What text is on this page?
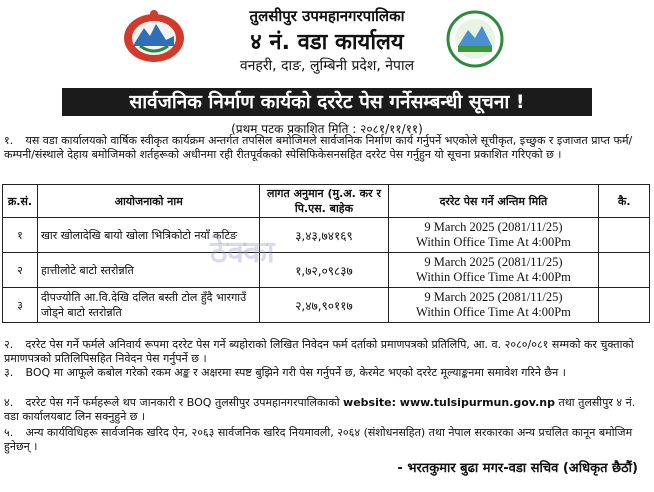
तुलसीपुर उपमहानगरपालिका
४ नं. वडा कार्यालय
वनहरी, दाङ, लुम्बिनी प्रदेश, नेपाल
सार्वजनिक निर्माण कार्यको दररेट पेस गर्नेसम्बन्धी सूचना !
(प्रथम पटक प्रकाशित मिति : २०८१/११/११)
१. यस वडा कार्यालयको वार्षिक स्वीकृत कार्यक्रम अन्तर्गत तपसिल बमोजिमले सार्वजनिक निर्माण कार्य गर्नुपर्ने भएकोले सूचीकृत, इच्छुक र इजाजत प्राप्त फर्म/कम्पनी/संस्थाले देहाय बमोजिमको शर्तहरूको अधीनमा रही रीतपूर्वकको स्पेसिफिकेसनसहित दररेट पेस गर्नुहुन यो सूचना प्रकाशित गरिएको छ ।
क्र.सं.	आयोजनाको नाम	लागत अनुमान (मु.अ. कर र पि.एस. बाहेक	दररेट पेस गर्ने अन्तिम मिति	कै.
१	खार खोलादेखि बायो खोला भित्रिकोटो नयाँ कटिङ	३,४३,७४१६९	9 March 2025 (2081/11/25)
Within Office Time At 4:00Pm	

२	हात्तीलोटे बाटो स्तरोन्नति	१,७२,०९८३७	9 March 2025 (2081/11/25)
Within Office Time At 4:00Pm	

३	दीपज्योति आ.वि.देखि दलित बस्ती टोल हुँदै भारगाउँ जोड्ने बाटो स्तरोन्नति	२,४७,९०११७	9 March 2025 (2081/11/25)
Within Office Time At 4:00Pm	

ठेक्का
२. दररेट पेस गर्ने फर्मले अनिवार्य रूपमा दररेट पेस गर्ने ब्यहोराको लिखित निवेदन फर्म दर्ताको प्रमाणपत्रको प्रतिलिपि, आ. व. २०८०/०८१ सम्मको कर चुक्ताको प्रमाणपत्रको प्रतिलिपिसहित निवेदन पेस गर्नुपर्ने छ ।
३. BOQ मा आफूले कबोल गरेको रकम अङ्क र अक्षरमा स्पष्ट बुझिने गरी पेस गर्नुपर्ने छ, केरमेट भएको दररेट मूल्याङ्कनमा समावेश गरिने छैन ।
४. दररेट पेस गर्ने फर्महरूले थप जानकारी र BOQ तुलसीपुर उपमहानगरपालिकाको website: www.tulsipurmun.gov.np तथा तुलसीपुर ४ नं. वडा कार्यालयबाट लिन सक्नुहुने छ ।
५. अन्य कार्यविधिहरू सार्वजनिक खरिद ऐन, २०६३ सार्वजनिक खरिद नियमावली, २०६४ (संशोधनसहित) तथा नेपाल सरकारका अन्य प्रचलित कानून बमोजिम हुनेछन् ।
- भरतकुमार बुढा मगर-वडा सचिव (अधिकृत छैठौं)
